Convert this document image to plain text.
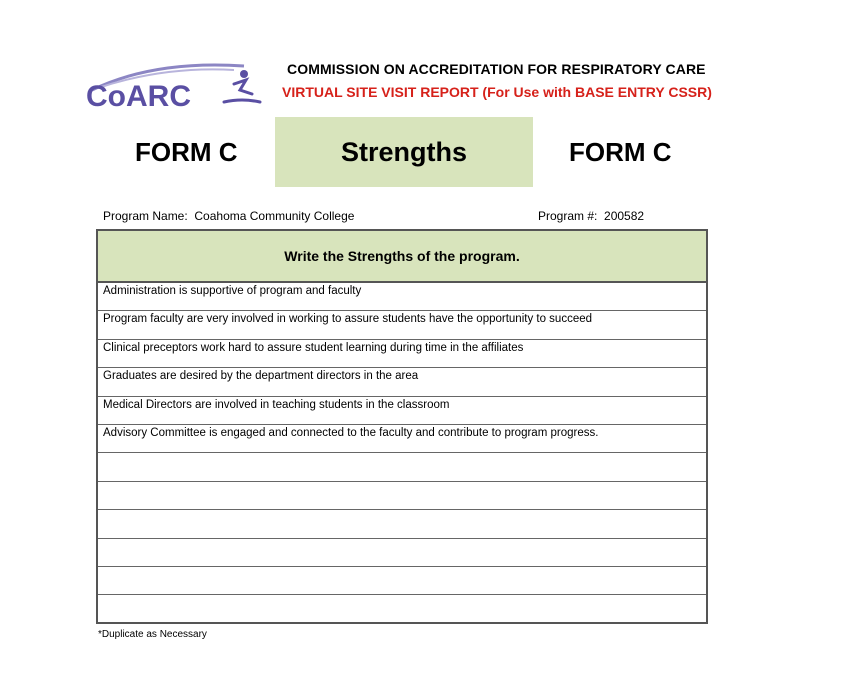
CoARC
COMMISSION ON ACCREDITATION FOR RESPIRATORY CARE
VIRTUAL SITE VISIT REPORT (For Use with BASE ENTRY CSSR)
FORM C	Strengths	FORM C
Program Name: Coahoma Community College	Program #: 200582
Write the Strengths of the program.
Administration is supportive of program and faculty
Program faculty are very involved in working to assure students have the opportunity to succeed
Clinical preceptors work hard to assure student learning during time in the affiliates
Graduates are desired by the department directors in the area
Medical Directors are involved in teaching students in the classroom
Advisory Committee is engaged and connected to the faculty and contribute to program progress.
*Duplicate as Necessary
